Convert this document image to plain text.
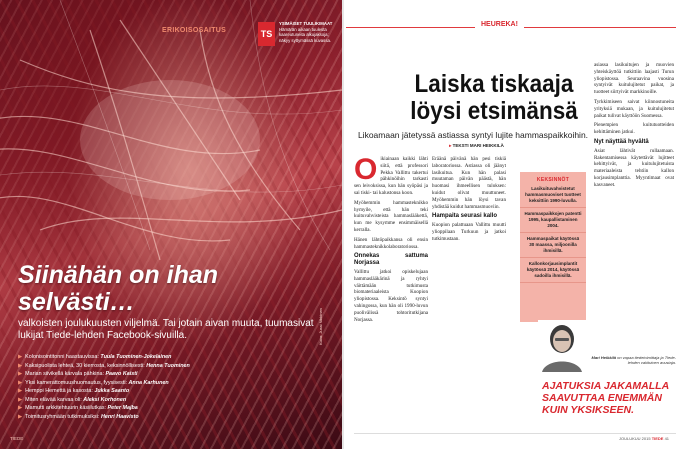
ERIKOISOSAITUS	TS
YSIMÄISET TUULIKIMAAT
Hämärän aikaan tuulesta kaareutuneita alkujaksoja; näkyy syttymässä kuvassa.
Siinähän on ihan selvästi…
valkoisten joulukuusten viljelmä. Tai jotain aivan muuta, tuumasivat lukijat Tiede-lehden Facebook-sivuilla.
▶ Kolonisointitonni haastauvissa: Tuula Tuominen-Jokelainen
▶ Kaksipuolista lehteä, 30 kierrosta, keksinnöllisesti: Henna Tuominen
▶ Marian siivikellä kärvala pähkina: Paavo Kaisti
▶ Yksi kamerattomuushuomautus, fyysisesti: Anna Karhunen
▶ Hemppi Hemettä ja kasosta: Jukka Saanto
▶ Miten elävää karvaa oli: Aleksi Korhonen
▶ Mamutti arkkitehtuurin käsiilutkas: Peter Majba
▶ Toimitusryhmään tutkimuksiksi: Henri Haavisto
Kuva: Jussi Nikkinen
TIEDE
HEUREKA!
Laiska tiskaaja löysi etsimänsä
Likoamaan jätetyssä astiassa syntyi lujite hammaspaikkoihin.
▸ TEKSTI MARI HEIKKILÄ

Oikiainaan kaikki lähti siitä, että professori Pekka Vallittu takertui pähkinöihin tarkasti sen leivoksissa, kun hän syöpäsi ja sai tiski- tai kalustonsa koon.

Myöhemmin hammasteknikko hymyile, että hän teki kuituvahvisteista hammaslääkettä, kun me kysymme ensimmäisellä kerralla.

Hänen lähtöpaikkansa oli ensin hammasteknikkolaboratoriossa.

Onnekas sattuma Norjassa

Vallittu jatkoi opiskelujaan hammaslääkärinä ja ryhtyi väittämään tutkimusta biomateriaaleista Kuopion yliopistossa. Keksintö syntyi vahingossa, kun hän oli 1990-luvun puolivälissä tohtoritutkijana Norjassa.

Eräänä päivänä hän pesi tiskiä laboratoriossa. Astiassa oli jäänyt lasikuitua. Kun hän palasi muutaman päivän päästä, hän huomasi ihmeellisen tuloksen: kuidut olivat muuttuneet. Myöhemmin hän löysi tavan yhdistää kuidut hammasmuoviin.

Hampaita seurasi kallo

Kuopion palattuaan Vallittu muutti ylioppilaan Turkuun ja jatkoi tutkimustaan.

KEKSINNÖT
Lasikuituvahvistetut hammasmuoviset tuotteet keksittiin 1990-luvulla.
Hammaspaikkojen patentti 1995, kaupallistaminen 2004.
Hammaspaikat käytössä 30 maassa, miljoonilla ihmisillä.
Kallonkorjausimplantit käytössä 2014, käytössä sadoilla ihmisillä.

asiassa lasikuitujen ja muovien yhteiskäyttöä tutkittiin laajasti Turun yliopistossa. Seuraavina vuosina syntyivät kuitulujitetut paikat, ja tuotteet siirtyivät markkinoille.

Tyrkkimiseen saivat kiinnostuneita yrityksiä mukaan, ja kuitulujitetut paikat tulivat käyttöön Suomessa.

Pienempien kuitutuotteiden kehittäminen jatkui.

Nyt näyttää hyvältä

Asiat lähtivät rullaamaan. Rakentamisessa käytettävät lujitteet kehittyivät, ja kuitulujitetuista materiaaleista tehtiin kallon korjausimplanttia. Myyntimaat ovat kasvaneet.

Mari Heikkilä on vapaa tiedetoimittaja ja Tiede-lehden vakituinen avustaja.
AJATUKSIA JAKAMALLA SAAVUTTAA ENEMMÄN KUIN YKSIKSEEN.
JOULUKUU 2015 TIEDE 41
